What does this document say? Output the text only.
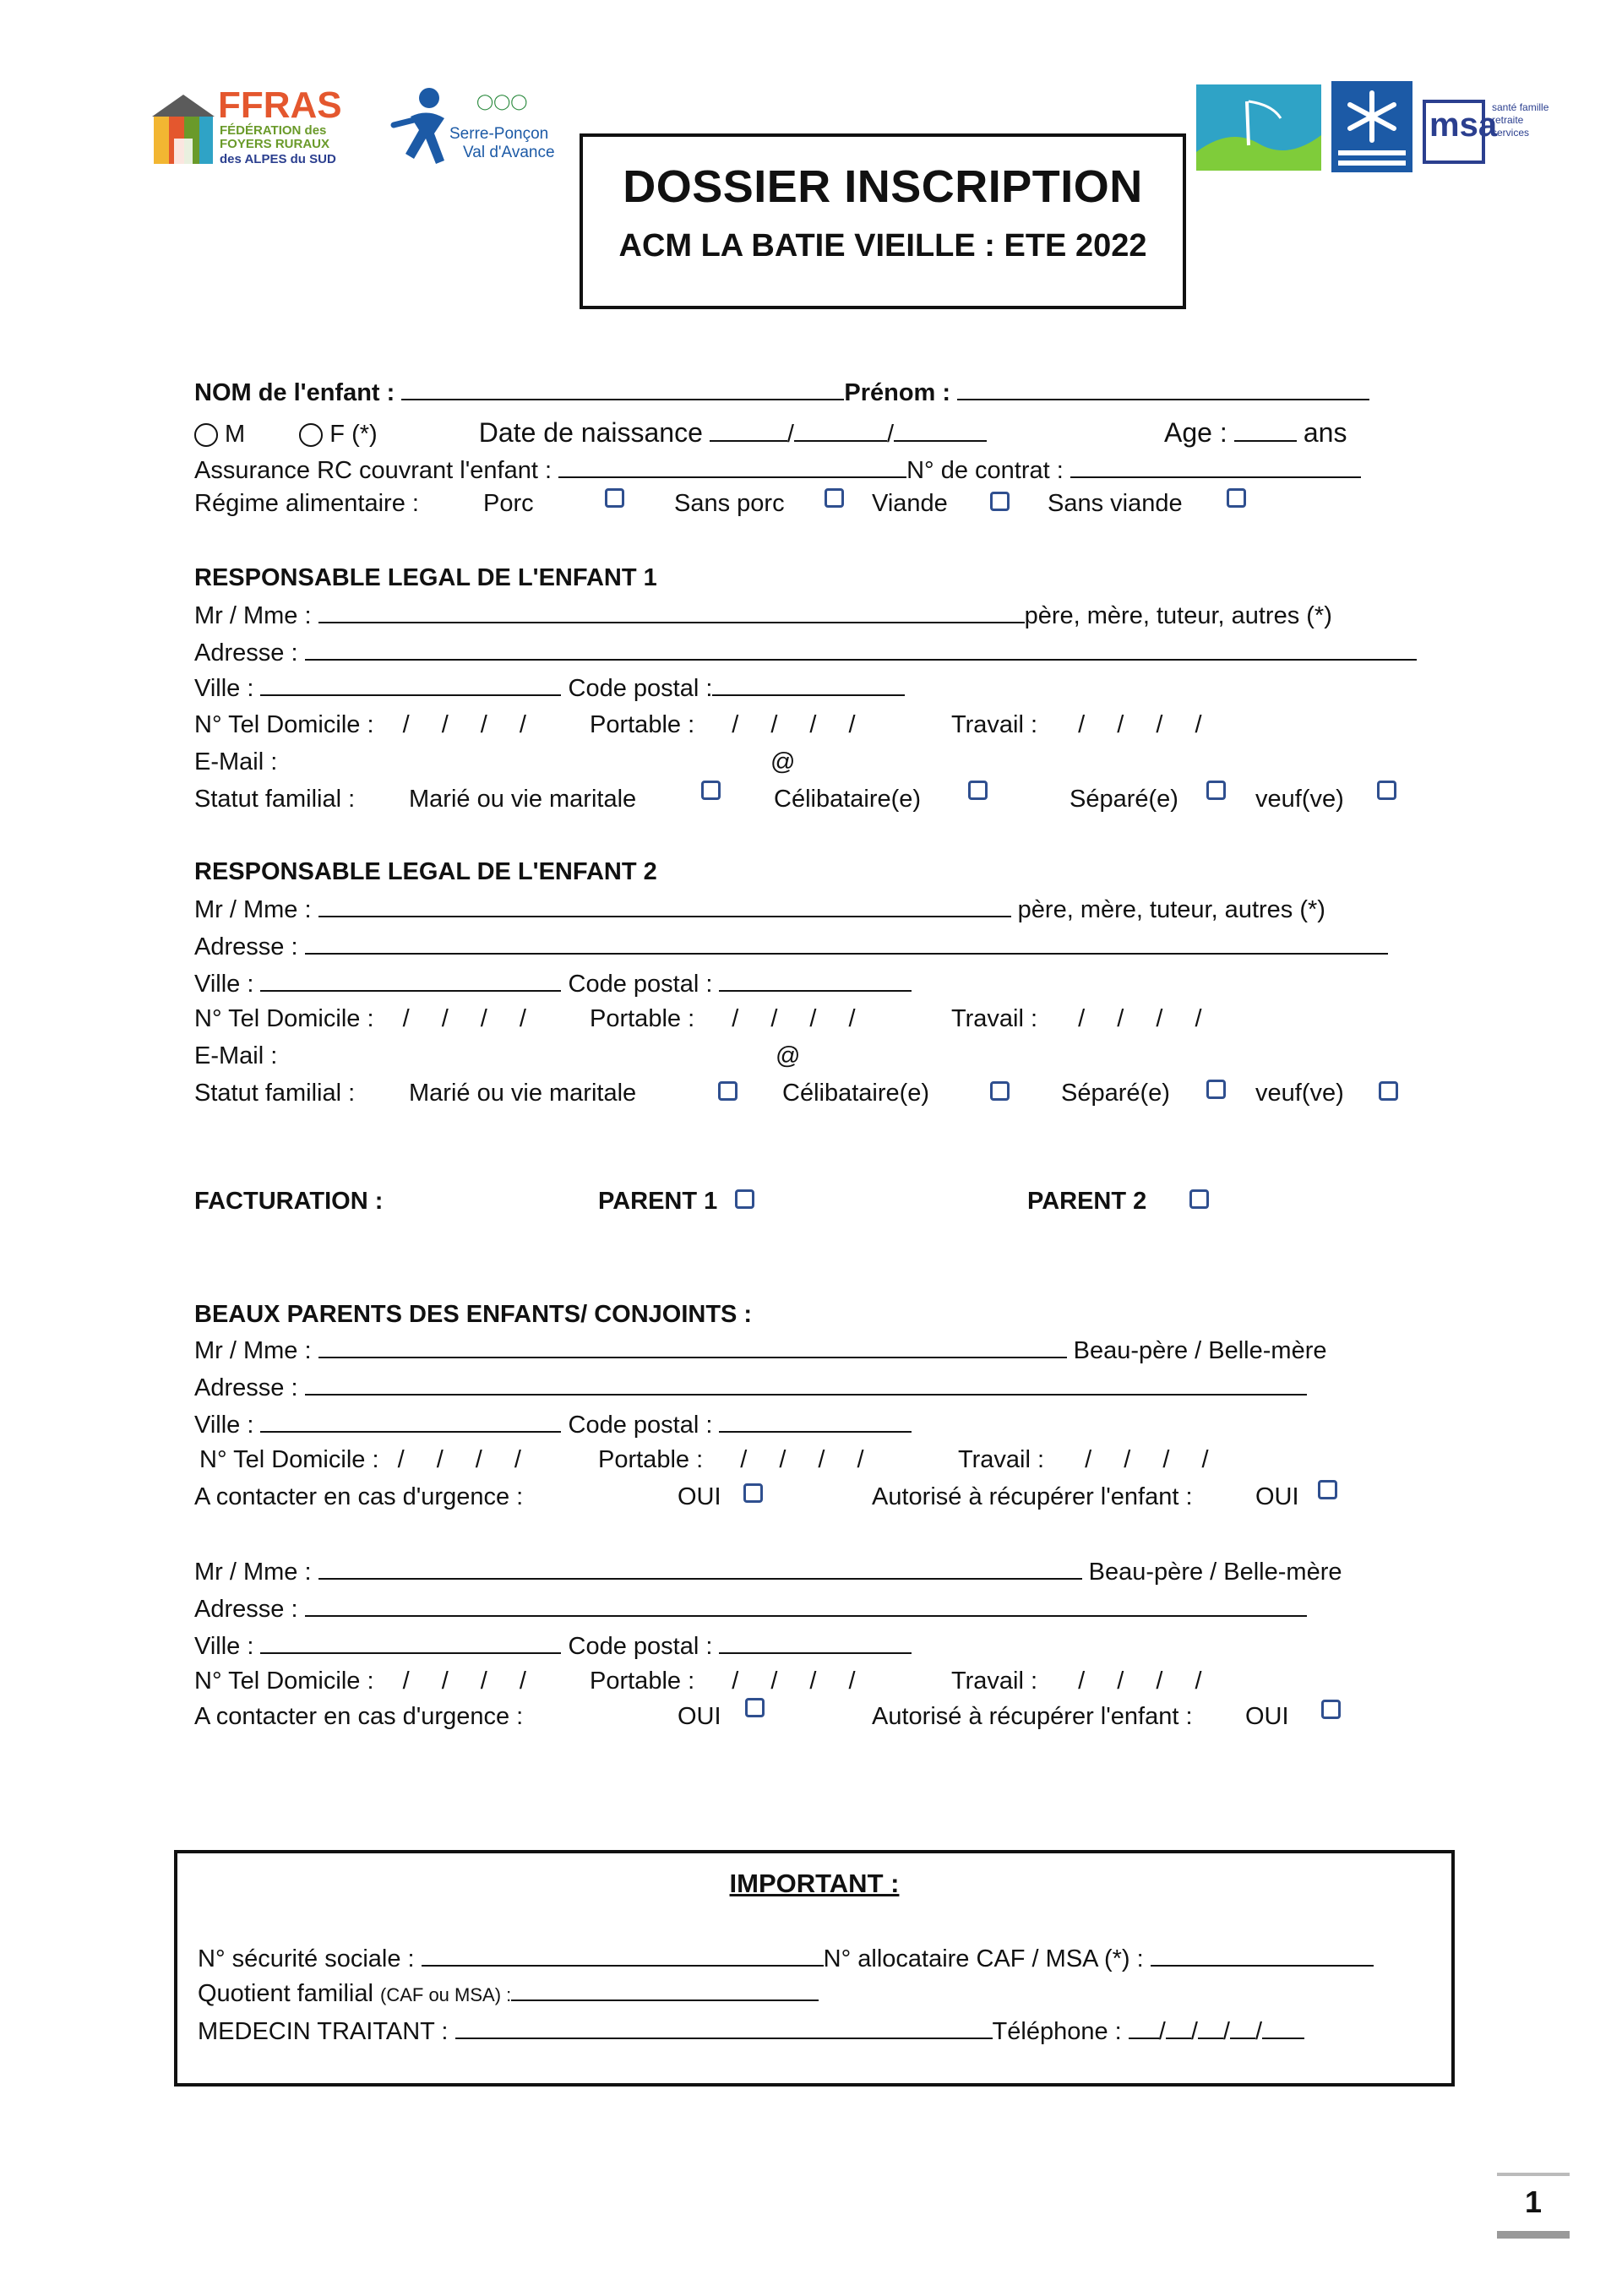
FFRAS
FÉDÉRATION des
FOYERS RURAUX
des ALPES du SUD
◯◯◯
Serre-Ponçon
Val d'Avance
msa
santé famille retraite services
DOSSIER INSCRIPTION
ACM LA BATIE VIEILLE : ETE 2022
NOM de l'enfant :	Prénom :
M	F (*)	Date de naissance	/	/	Age :	ans
Assurance RC couvrant l'enfant :	N° de contrat :
Régime alimentaire :	Porc	Sans porc	Viande	Sans viande
RESPONSABLE LEGAL DE L'ENFANT 1
Mr / Mme :	père, mère, tuteur, autres (*)
Adresse :
Ville :	Code postal :
N° Tel Domicile : / / / /	Portable : / / / /	Travail : / / / /
E-Mail :	@
Statut familial : Marié ou vie maritale	Célibataire(e)	Séparé(e)	veuf(ve)
RESPONSABLE LEGAL DE L'ENFANT 2
Mr / Mme :	père, mère, tuteur, autres (*)
Adresse :
Ville :	Code postal :
N° Tel Domicile : / / / /	Portable : / / / /	Travail : / / / /
E-Mail :	@
Statut familial : Marié ou vie maritale	Célibataire(e)	Séparé(e)	veuf(ve)
FACTURATION :	PARENT 1	PARENT 2
BEAUX PARENTS DES ENFANTS/ CONJOINTS :
Mr / Mme :	Beau-père / Belle-mère
Adresse :
Ville :	Code postal :
N° Tel Domicile : / / / /	Portable : / / / /	Travail : / / / /
A contacter en cas d'urgence :	OUI	Autorisé à récupérer l'enfant :	OUI
Mr / Mme :	Beau-père / Belle-mère
Adresse :
Ville :	Code postal :
N° Tel Domicile : / / / /	Portable : / / / /	Travail : / / / /
A contacter en cas d'urgence :	OUI	Autorisé à récupérer l'enfant : OUI
IMPORTANT :
N° sécurité sociale :	N° allocataire CAF / MSA (*) :
Quotient familial (CAF ou MSA) :
MEDECIN TRAITANT :	Téléphone : / / / /
1
